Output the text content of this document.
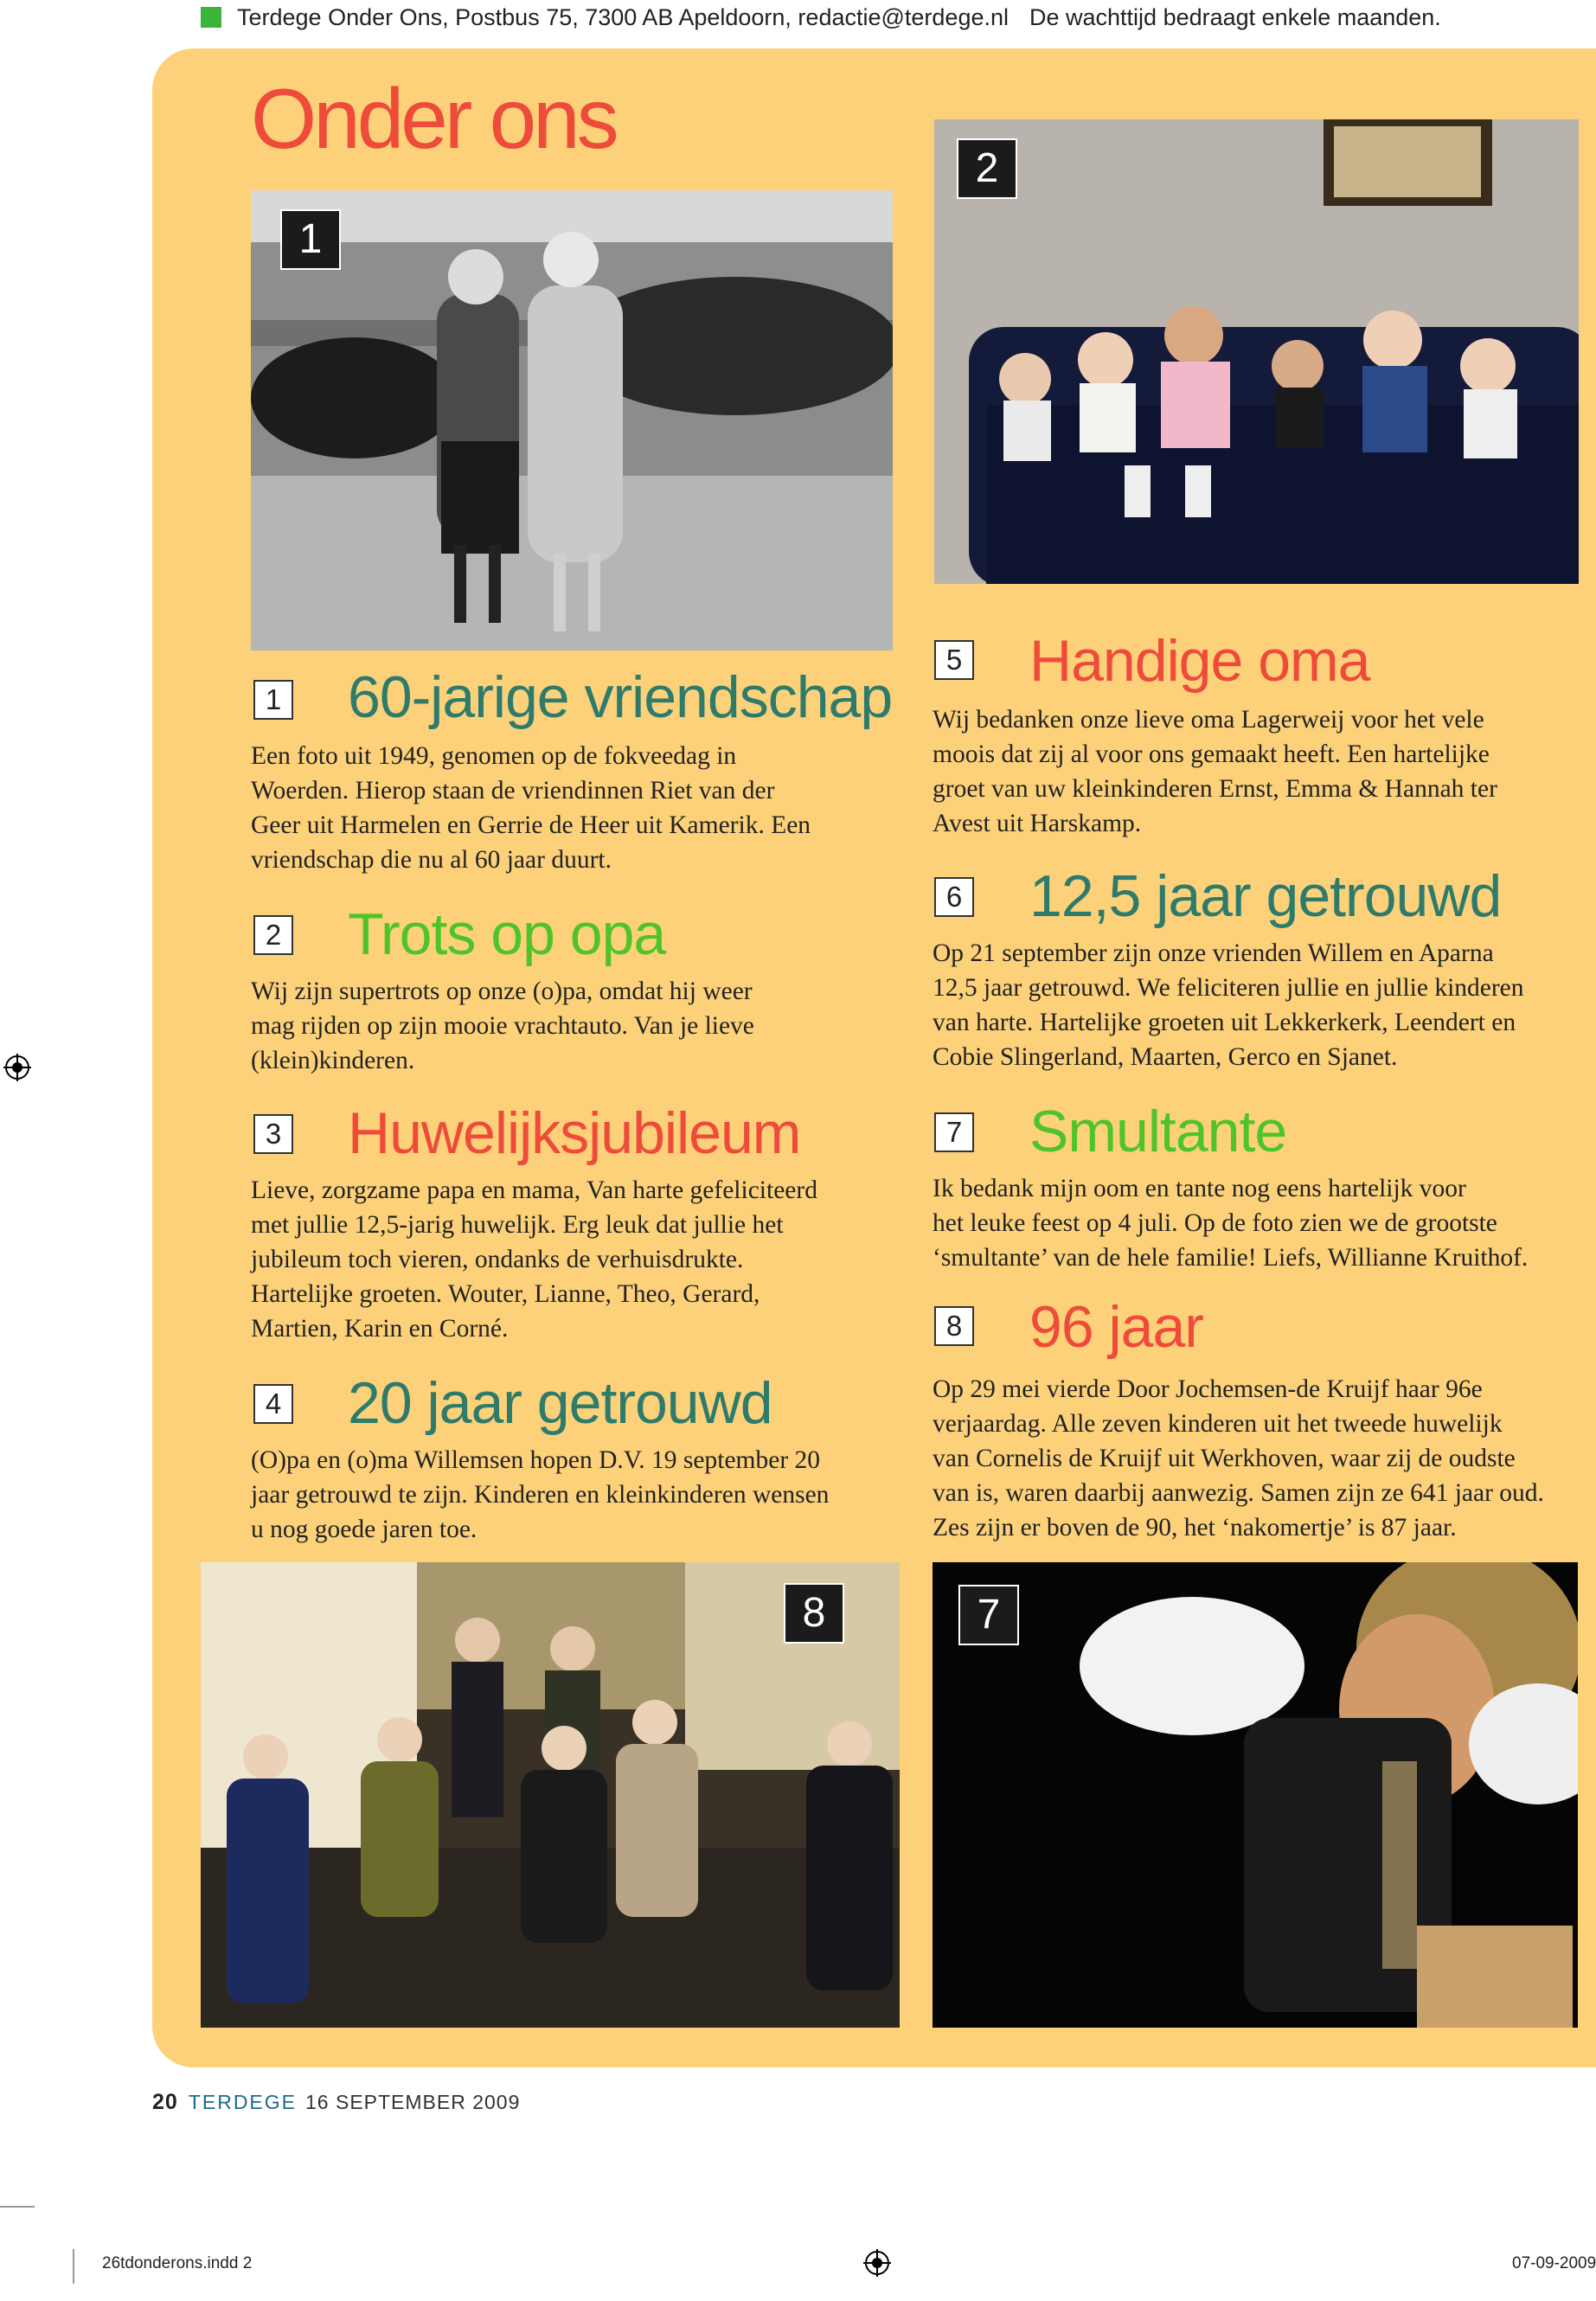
Terdege Onder Ons, Postbus 75, 7300 AB Apeldoorn, redactie@terdege.nl De wachttijd bedraagt enkele maanden.
Onder ons
1
2
1 60-jarige vriendschap

Een foto uit 1949, genomen op de fokveedag in

Woerden. Hierop staan de vriendinnen Riet van der

Geer uit Harmelen en Gerrie de Heer uit Kamerik. Een

vriendschap die nu al 60 jaar duurt.

2 Trots op opa

Wij zijn supertrots op onze (o)pa, omdat hij weer

mag rijden op zijn mooie vrachtauto. Van je lieve

(klein)kinderen.

3 Huwelijksjubileum

Lieve, zorgzame papa en mama, Van harte gefeliciteerd

met jullie 12,5-jarig huwelijk. Erg leuk dat jullie het

jubileum toch vieren, ondanks de verhuisdrukte.

Hartelijke groeten. Wouter, Lianne, Theo, Gerard,

Martien, Karin en Corné.

4 20 jaar getrouwd

(O)pa en (o)ma Willemsen hopen D.V. 19 september 20

jaar getrouwd te zijn. Kinderen en kleinkinderen wensen

u nog goede jaren toe.

5 Handige oma

Wij bedanken onze lieve oma Lagerweij voor het vele

moois dat zij al voor ons gemaakt heeft. Een hartelijke

groet van uw kleinkinderen Ernst, Emma & Hannah ter

Avest uit Harskamp.

6 12,5 jaar getrouwd

Op 21 september zijn onze vrienden Willem en Aparna

12,5 jaar getrouwd. We feliciteren jullie en jullie kinderen

van harte. Hartelijke groeten uit Lekkerkerk, Leendert en

Cobie Slingerland, Maarten, Gerco en Sjanet.

7 Smultante

Ik bedank mijn oom en tante nog eens hartelijk voor

het leuke feest op 4 juli. Op de foto zien we de grootste

‘smultante’ van de hele familie! Liefs, Willianne Kruithof.

8 96 jaar

Op 29 mei vierde Door Jochemsen-de Kruijf haar 96e

verjaardag. Alle zeven kinderen uit het tweede huwelijk

van Cornelis de Kruijf uit Werkhoven, waar zij de oudste

van is, waren daarbij aanwezig. Samen zijn ze 641 jaar oud.

Zes zijn er boven de 90, het ‘nakomertje’ is 87 jaar.

8	7
20 TERDEGE 16 SEPTEMBER 2009
26tdonderons.indd 2	07-09-2009
